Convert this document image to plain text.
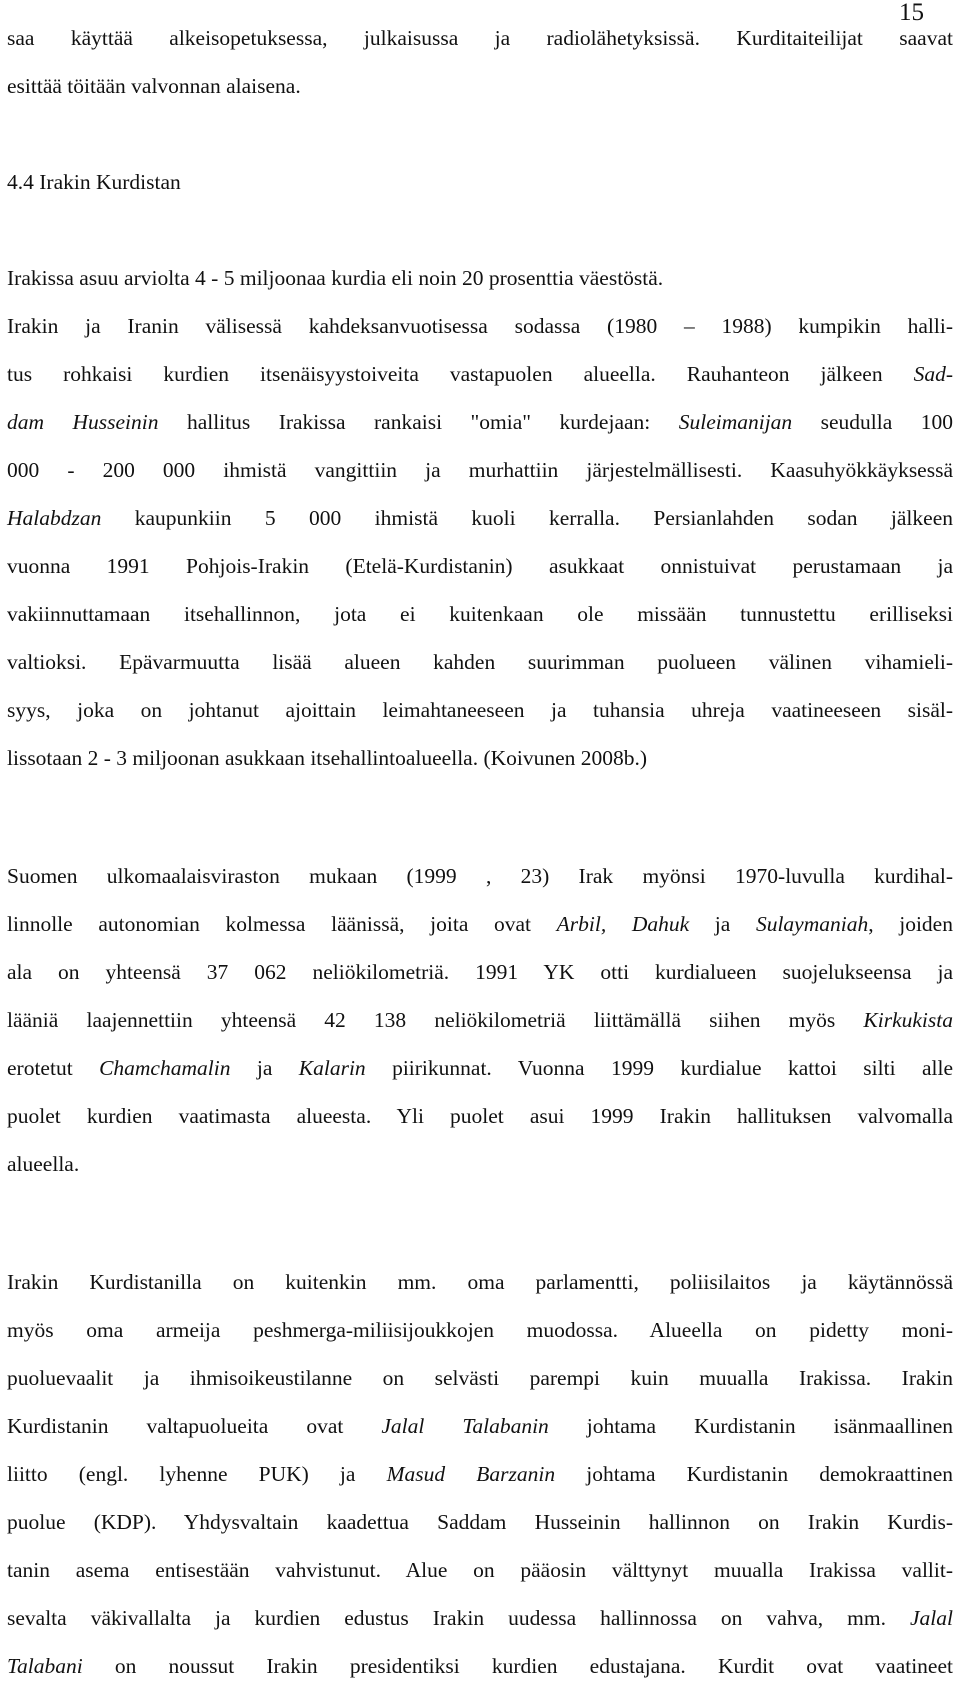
15
saa käyttää alkeisopetuksessa, julkaisussa ja radiolähetyksissä. Kurditaiteilijat saavat
esittää töitään valvonnan alaisena.
4.4 Irakin Kurdistan
Irakissa asuu arviolta 4 - 5 miljoonaa kurdia eli noin 20 prosenttia väestöstä.
Irakin ja Iranin välisessä kahdeksanvuotisessa sodassa (1980 – 1988) kumpikin halli-
tus rohkaisi kurdien itsenäisyystoiveita vastapuolen alueella. Rauhanteon jälkeen Sad-
dam Husseinin hallitus Irakissa rankaisi "omia" kurdejaan: Suleimanijan seudulla 100
000 - 200 000 ihmistä vangittiin ja murhattiin järjestelmällisesti. Kaasuhyökkäyksessä
Halabdzan kaupunkiin 5 000 ihmistä kuoli kerralla. Persianlahden sodan jälkeen
vuonna 1991 Pohjois-Irakin (Etelä-Kurdistanin) asukkaat onnistuivat perustamaan ja
vakiinnuttamaan itsehallinnon, jota ei kuitenkaan ole missään tunnustettu erilliseksi
valtioksi. Epävarmuutta lisää alueen kahden suurimman puolueen välinen vihamieli-
syys, joka on johtanut ajoittain leimahtaneeseen ja tuhansia uhreja vaatineeseen sisäl-
lissotaan 2 - 3 miljoonan asukkaan itsehallintoalueella. (Koivunen 2008b.)
Suomen ulkomaalaisviraston mukaan (1999 , 23) Irak myönsi 1970-luvulla kurdihal-
linnolle autonomian kolmessa läänissä, joita ovat Arbil, Dahuk ja Sulaymaniah, joiden
ala on yhteensä 37 062 neliökilometriä. 1991 YK otti kurdialueen suojelukseensa ja
lääniä laajennettiin yhteensä 42 138 neliökilometriä liittämällä siihen myös Kirkukista
erotetut Chamchamalin ja Kalarin piirikunnat. Vuonna 1999 kurdialue kattoi silti alle
puolet kurdien vaatimasta alueesta. Yli puolet asui 1999 Irakin hallituksen valvomalla
alueella.
Irakin Kurdistanilla on kuitenkin mm. oma parlamentti, poliisilaitos ja käytännössä
myös oma armeija peshmerga-miliisijoukkojen muodossa. Alueella on pidetty moni-
puoluevaalit ja ihmisoikeustilanne on selvästi parempi kuin muualla Irakissa. Irakin
Kurdistanin valtapuolueita ovat Jalal Talabanin johtama Kurdistanin isänmaallinen
liitto (engl. lyhenne PUK) ja Masud Barzanin johtama Kurdistanin demokraattinen
puolue (KDP). Yhdysvaltain kaadettua Saddam Husseinin hallinnon on Irakin Kurdis-
tanin asema entisestään vahvistunut. Alue on pääosin välttynyt muualla Irakissa vallit-
sevalta väkivallalta ja kurdien edustus Irakin uudessa hallinnossa on vahva, mm. Jalal
Talabani on noussut Irakin presidentiksi kurdien edustajana. Kurdit ovat vaatineet
